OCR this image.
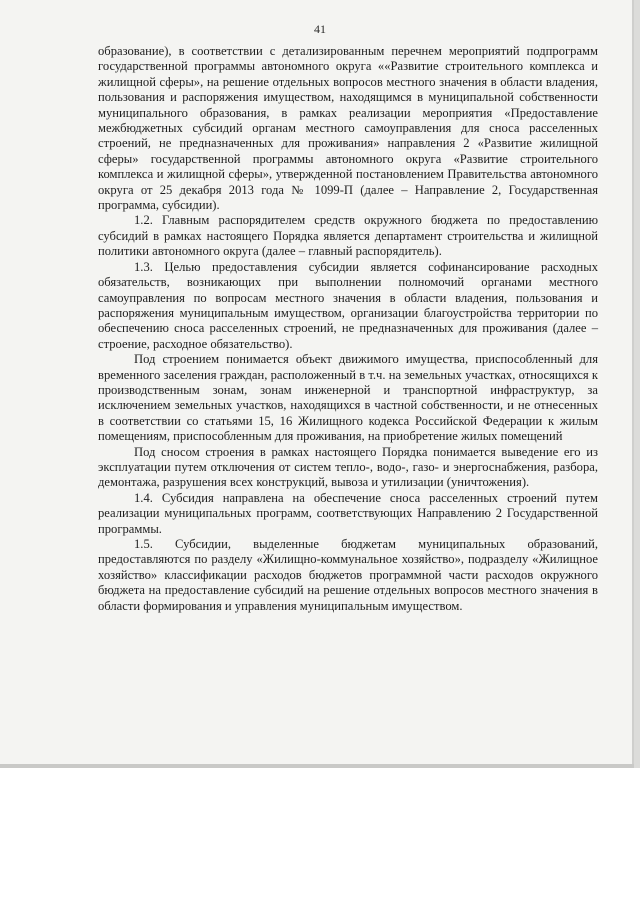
41

образование), в соответствии с детализированным перечнем мероприятий подпрограмм государственной программы автономного округа ««Развитие строительного комплекса и жилищной сферы», на решение отдельных вопросов местного значения в области владения, пользования и распоряжения имуществом, находящимся в муниципальной собственности муниципального образования, в рамках реализации мероприятия «Предоставление межбюджетных субсидий органам местного самоуправления для сноса расселенных строений, не предназначенных для проживания» направления 2 «Развитие жилищной сферы» государственной программы автономного округа «Развитие строительного комплекса и жилищной сферы», утвержденной постановлением Правительства автономного округа от 25 декабря 2013 года № 1099-П (далее – Направление 2, Государственная программа, субсидии).

1.2. Главным распорядителем средств окружного бюджета по предоставлению субсидий в рамках настоящего Порядка является департамент строительства и жилищной политики автономного округа (далее – главный распорядитель).

1.3. Целью предоставления субсидии является софинансирование расходных обязательств, возникающих при выполнении полномочий органами местного самоуправления по вопросам местного значения в области владения, пользования и распоряжения муниципальным имуществом, организации благоустройства территории по обеспечению сноса расселенных строений, не предназначенных для проживания (далее – строение, расходное обязательство).

Под строением понимается объект движимого имущества, приспособленный для временного заселения граждан, расположенный в т.ч. на земельных участках, относящихся к производственным зонам, зонам инженерной и транспортной инфраструктур, за исключением земельных участков, находящихся в частной собственности, и не отнесенных в соответствии со статьями 15, 16 Жилищного кодекса Российской Федерации к жилым помещениям, приспособленным для проживания, на приобретение жилых помещений

Под сносом строения в рамках настоящего Порядка понимается выведение его из эксплуатации путем отключения от систем тепло-, водо-, газо- и энергоснабжения, разбора, демонтажа, разрушения всех конструкций, вывоза и утилизации (уничтожения).

1.4. Субсидия направлена на обеспечение сноса расселенных строений путем реализации муниципальных программ, соответствующих Направлению 2 Государственной программы.

1.5. Субсидии, выделенные бюджетам муниципальных образований, предоставляются по разделу «Жилищно-коммунальное хозяйство», подразделу «Жилищное хозяйство» классификации расходов бюджетов программной части расходов окружного бюджета на предоставление субсидий на решение отдельных вопросов местного значения в области формирования и управления муниципальным имуществом.
